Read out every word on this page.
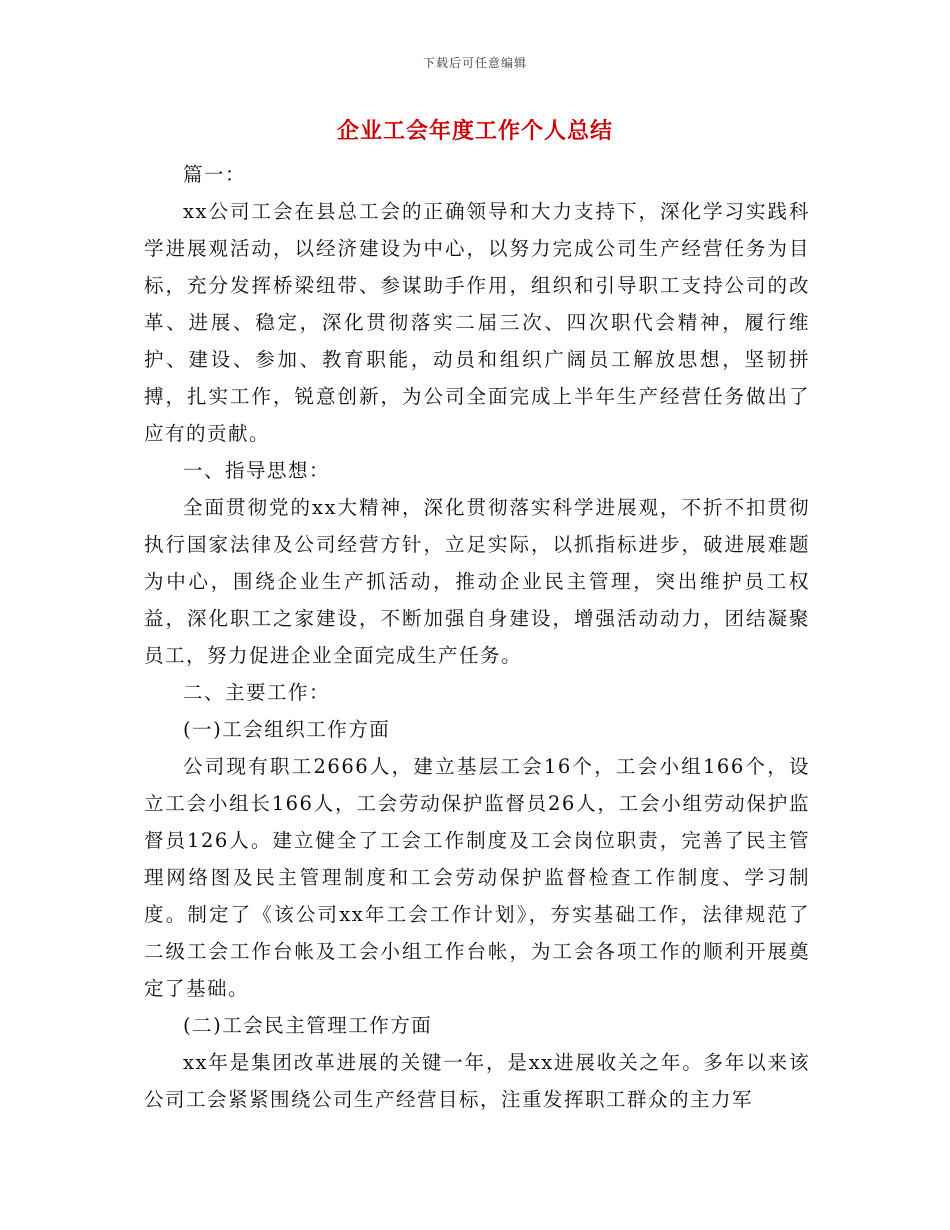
下载后可任意编辑
企业工会年度工作个人总结

篇一：

xx公司工会在县总工会的正确领导和大力支持下，深化学习实践科学进展观活动，以经济建设为中心，以努力完成公司生产经营任务为目标，充分发挥桥梁纽带、参谋助手作用，组织和引导职工支持公司的改革、进展、稳定，深化贯彻落实二届三次、四次职代会精神，履行维护、建设、参加、教育职能，动员和组织广阔员工解放思想，坚韧拼搏，扎实工作，锐意创新，为公司全面完成上半年生产经营任务做出了应有的贡献。

一、指导思想：

全面贯彻党的xx大精神，深化贯彻落实科学进展观，不折不扣贯彻执行国家法律及公司经营方针，立足实际，以抓指标进步，破进展难题为中心，围绕企业生产抓活动，推动企业民主管理，突出维护员工权益，深化职工之家建设，不断加强自身建设，增强活动动力，团结凝聚员工，努力促进企业全面完成生产任务。

二、主要工作：

(一)工会组织工作方面

公司现有职工2666人，建立基层工会16个，工会小组166个，设立工会小组长166人，工会劳动保护监督员26人，工会小组劳动保护监督员126人。建立健全了工会工作制度及工会岗位职责，完善了民主管理网络图及民主管理制度和工会劳动保护监督检查工作制度、学习制度。制定了《该公司xx年工会工作计划》，夯实基础工作，法律规范了二级工会工作台帐及工会小组工作台帐，为工会各项工作的顺利开展奠定了基础。

(二)工会民主管理工作方面

xx年是集团改革进展的关键一年，是xx进展收关之年。多年以来该公司工会紧紧围绕公司生产经营目标，注重发挥职工群众的主力军
